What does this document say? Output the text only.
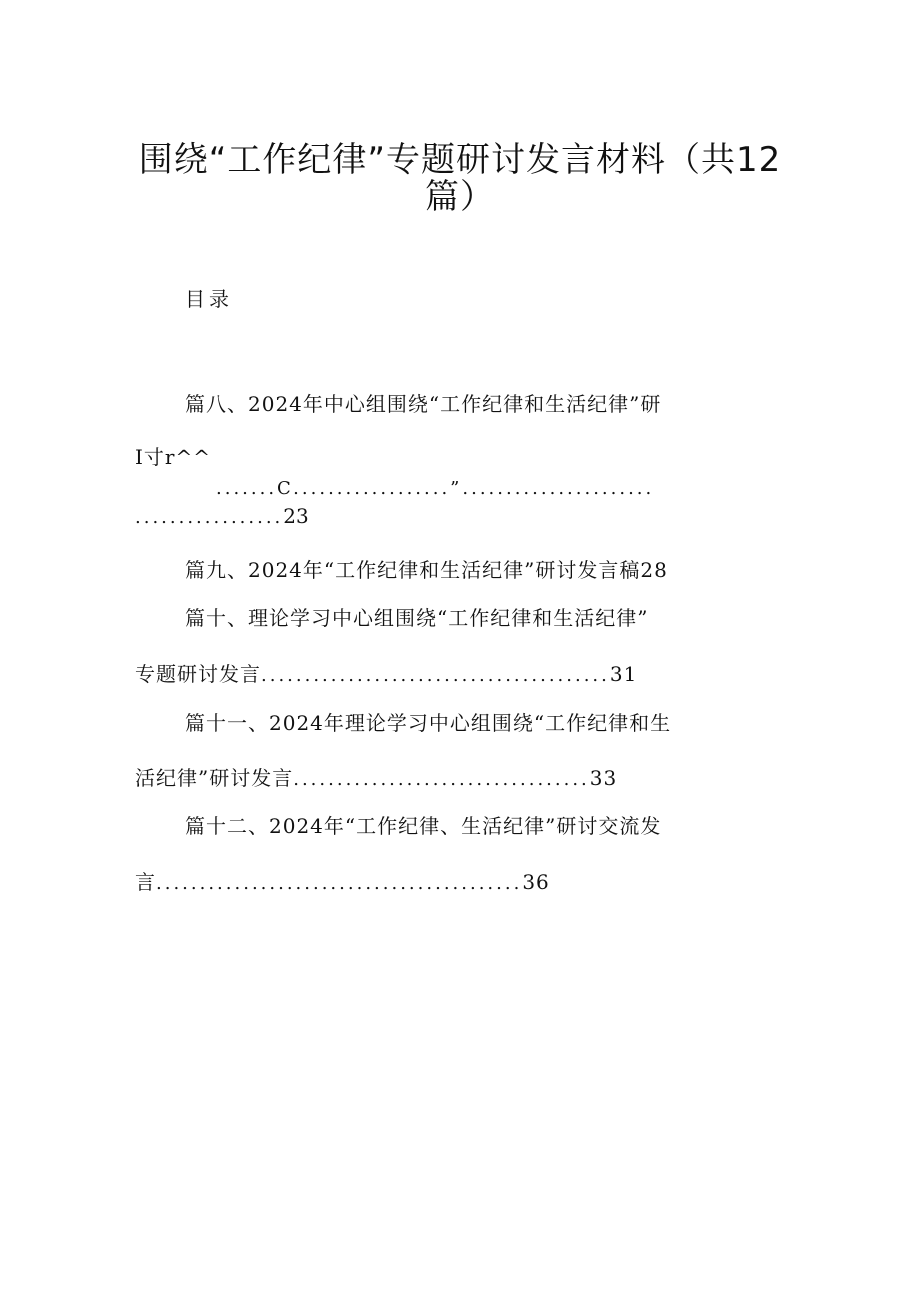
围绕“工作纪律”专题研讨发言材料（共12
篇）
目录
篇八、2024年中心组围绕“工作纪律和生活纪律”研
I寸r^^
.......C..................”......................
.................23
篇九、2024年“工作纪律和生活纪律”研讨发言稿28
篇十、理论学习中心组围绕“工作纪律和生活纪律”
专题研讨发言........................................31
篇十一、2024年理论学习中心组围绕“工作纪律和生
活纪律”研讨发言..................................33
篇十二、2024年“工作纪律、生活纪律”研讨交流发
言..........................................36
